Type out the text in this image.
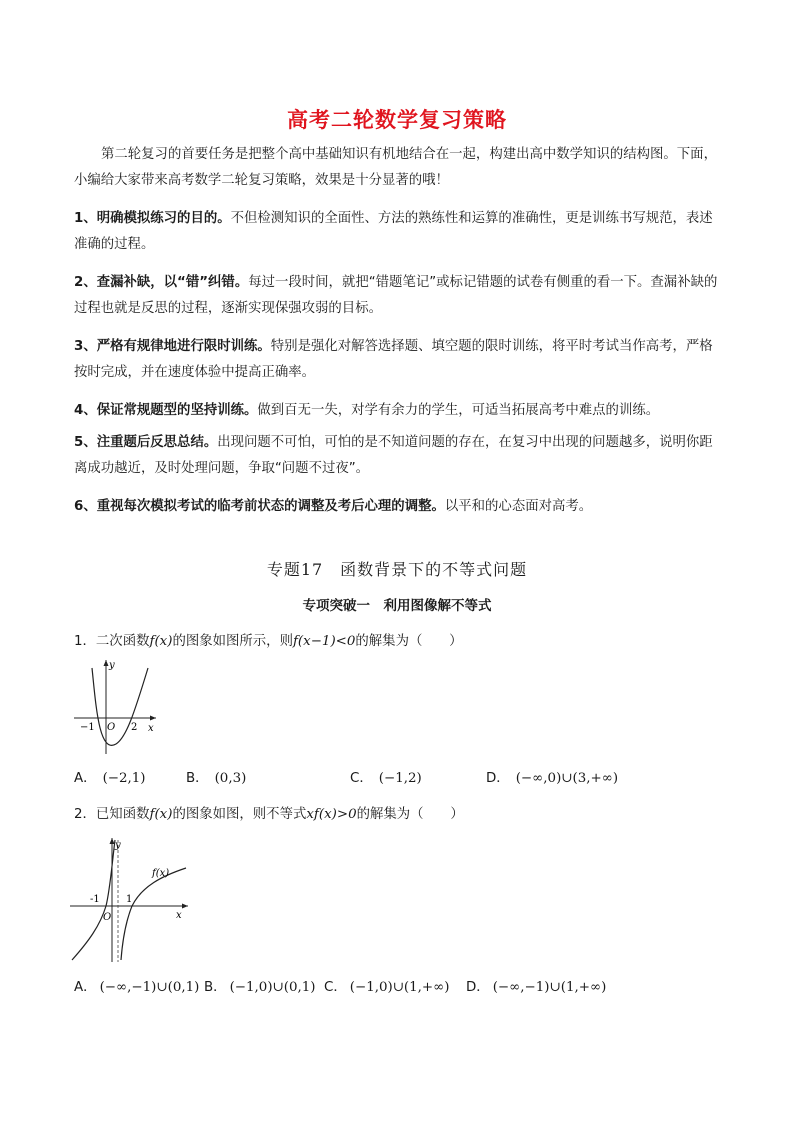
高考二轮数学复习策略
第二轮复习的首要任务是把整个高中基础知识有机地结合在一起，构建出高中数学知识的结构图。下面，小编给大家带来高考数学二轮复习策略，效果是十分显著的哦！
1、明确模拟练习的目的。不但检测知识的全面性、方法的熟练性和运算的准确性，更是训练书写规范，表述准确的过程。
2、查漏补缺，以“错”纠错。每过一段时间，就把“错题笔记”或标记错题的试卷有侧重的看一下。查漏补缺的过程也就是反思的过程，逐渐实现保强攻弱的目标。
3、严格有规律地进行限时训练。特别是强化对解答选择题、填空题的限时训练，将平时考试当作高考，严格按时完成，并在速度体验中提高正确率。
4、保证常规题型的坚持训练。做到百无一失，对学有余力的学生，可适当拓展高考中难点的训练。
5、注重题后反思总结。出现问题不可怕，可怕的是不知道问题的存在，在复习中出现的问题越多，说明你距离成功越近，及时处理问题，争取“问题不过夜”。
6、重视每次模拟考试的临考前状态的调整及考后心理的调整。以平和的心态面对高考。
专题17　函数背景下的不等式问题
专项突破一　利用图像解不等式
1．二次函数f(x)的图象如图所示，则f(x−1)<0的解集为（　　）
y
x
O
−1	2
A． (−2,1)	B． (0,3)	C． (−1,2)	D． (−∞,0)∪(3,+∞)
2．已知函数f(x)的图象如图，则不等式xf(x)>0的解集为（　　）
y
x
O
-1	1
f(x)
A． (−∞,−1)∪(0,1) B． (−1,0)∪(0,1) C． (−1,0)∪(1,+∞) D． (−∞,−1)∪(1,+∞)
